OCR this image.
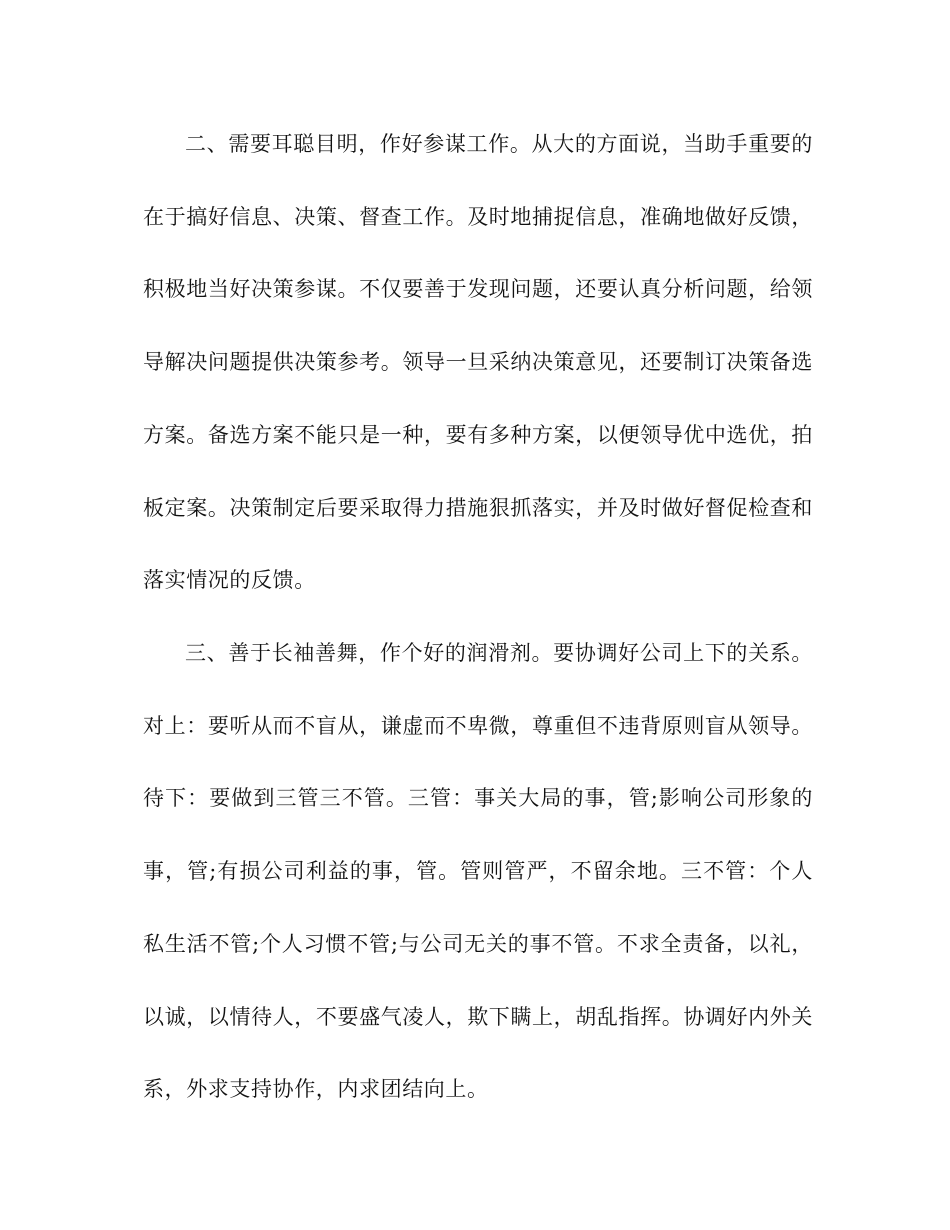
二、需要耳聪目明，作好参谋工作。从大的方面说，当助手重要的在于搞好信息、决策、督查工作。及时地捕捉信息，准确地做好反馈，积极地当好决策参谋。不仅要善于发现问题，还要认真分析问题，给领导解决问题提供决策参考。领导一旦采纳决策意见，还要制订决策备选方案。备选方案不能只是一种，要有多种方案，以便领导优中选优，拍板定案。决策制定后要采取得力措施狠抓落实，并及时做好督促检查和落实情况的反馈。

三、善于长袖善舞，作个好的润滑剂。要协调好公司上下的关系。对上：要听从而不盲从，谦虚而不卑微，尊重但不违背原则盲从领导。待下：要做到三管三不管。三管：事关大局的事，管;影响公司形象的事，管;有损公司利益的事，管。管则管严，不留余地。三不管：个人私生活不管;个人习惯不管;与公司无关的事不管。不求全责备，以礼，以诚，以情待人，不要盛气凌人，欺下瞒上，胡乱指挥。协调好内外关系，外求支持协作，内求团结向上。
